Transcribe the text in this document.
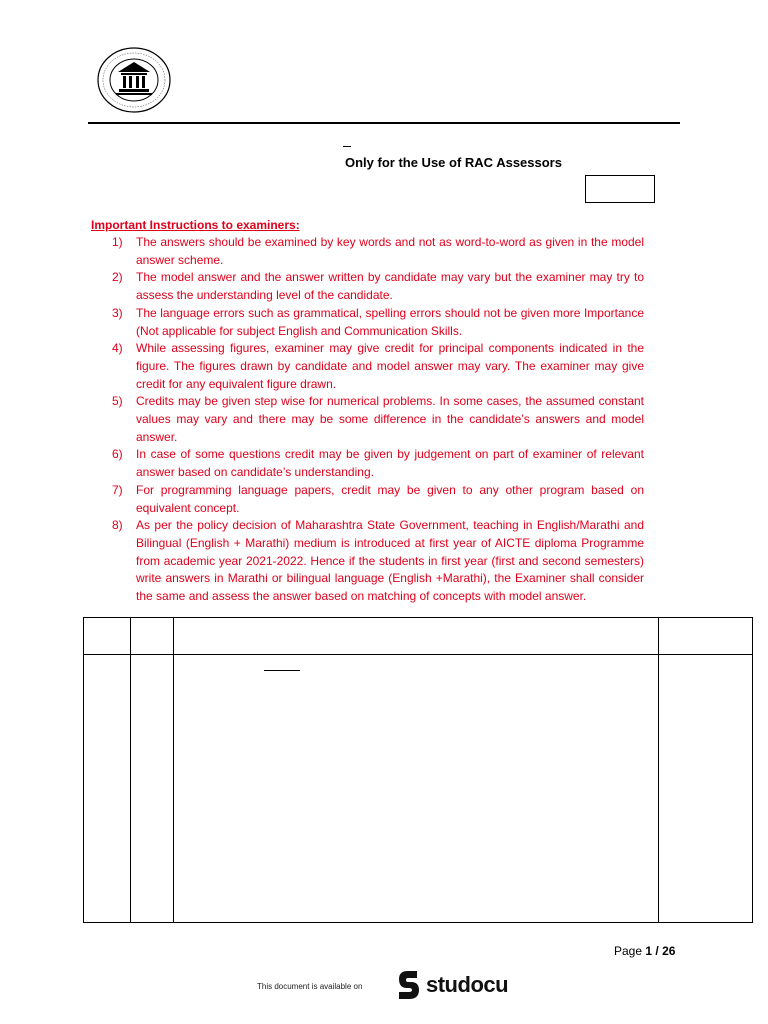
Only for the Use of RAC Assessors
Important Instructions to examiners:
1) The answers should be examined by key words and not as word-to-word as given in the model answer scheme.
2) The model answer and the answer written by candidate may vary but the examiner may try to assess the understanding level of the candidate.
3) The language errors such as grammatical, spelling errors should not be given more Importance (Not applicable for subject English and Communication Skills.
4) While assessing figures, examiner may give credit for principal components indicated in the figure. The figures drawn by candidate and model answer may vary. The examiner may give credit for any equivalent figure drawn.
5) Credits may be given step wise for numerical problems. In some cases, the assumed constant values may vary and there may be some difference in the candidate’s answers and model answer.
6) In case of some questions credit may be given by judgement on part of examiner of relevant answer based on candidate’s understanding.
7) For programming language papers, credit may be given to any other program based on equivalent concept.
8) As per the policy decision of Maharashtra State Government, teaching in English/Marathi and Bilingual (English + Marathi) medium is introduced at first year of AICTE diploma Programme from academic year 2021-2022. Hence if the students in first year (first and second semesters) write answers in Marathi or bilingual language (English +Marathi), the Examiner shall consider the same and assess the answer based on matching of concepts with model answer.
Page 1 / 26
This document is available on	studocu
